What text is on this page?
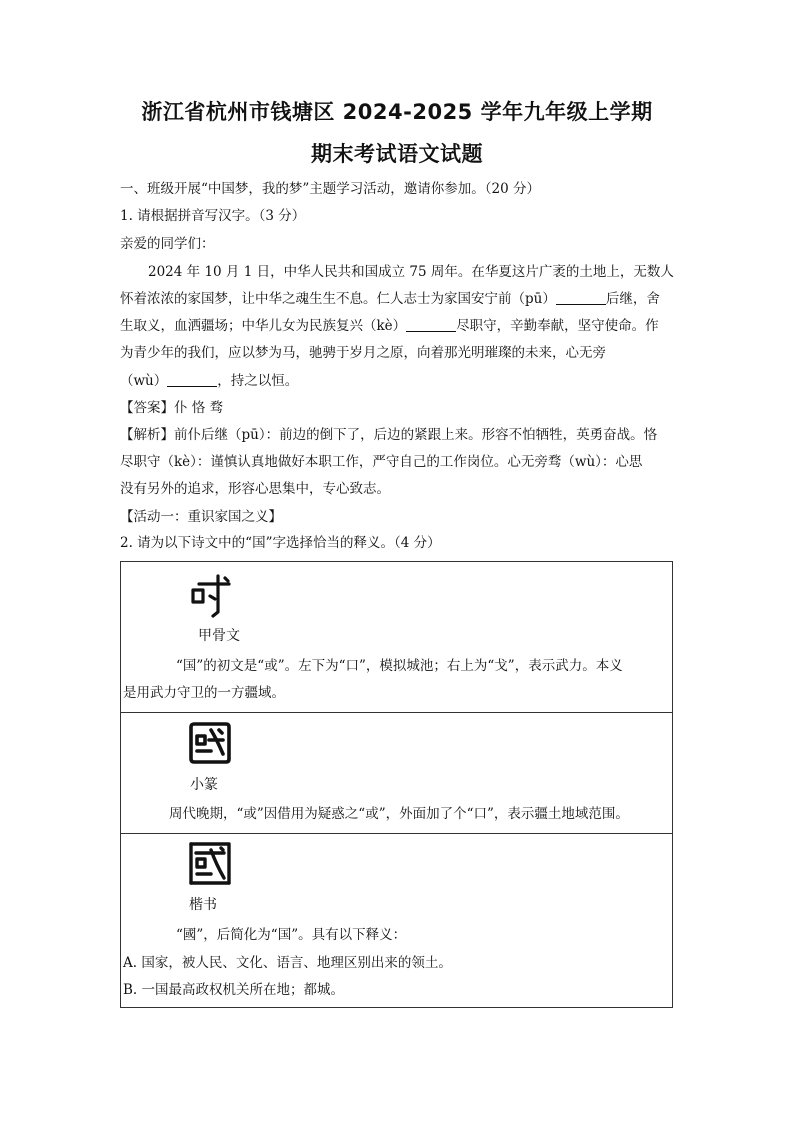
浙江省杭州市钱塘区 2024-2025 学年九年级上学期
期末考试语文试题
一、班级开展“中国梦，我的梦”主题学习活动，邀请你参加。（20 分）
1. 请根据拼音写汉字。（3 分）
亲爱的同学们：
2024 年 10 月 1 日，中华人民共和国成立 75 周年。在华夏这片广袤的土地上，无数人
怀着浓浓的家国梦，让中华之魂生生不息。仁人志士为家国安宁前（pū）	后继，舍
生取义，血洒疆场；中华儿女为民族复兴（kè）	尽职守，辛勤奉献，坚守使命。作
为青少年的我们，应以梦为马，驰骋于岁月之原，向着那光明璀璨的未来，心无旁
（wù）	，持之以恒。
【答案】仆 恪 骛
【解析】前仆后继（pū）：前边的倒下了，后边的紧跟上来。形容不怕牺牲，英勇奋战。恪
尽职守（kè）：谨慎认真地做好本职工作，严守自己的工作岗位。心无旁骛（wù）：心思
没有另外的追求，形容心思集中，专心致志。
【活动一：重识家国之义】
2. 请为以下诗文中的“国”字选择恰当的释义。（4 分）
甲骨文
“国”的初文是“或”。左下为“口”，模拟城池；右上为“戈”，表示武力。本义
是用武力守卫的一方疆域。
小篆
周代晚期，“或”因借用为疑惑之“或”，外面加了个“口”，表示疆土地域范围。
楷书
“國”，后简化为“国”。具有以下释义：
A. 国家，被人民、文化、语言、地理区别出来的领土。
B. 一国最高政权机关所在地；都城。
